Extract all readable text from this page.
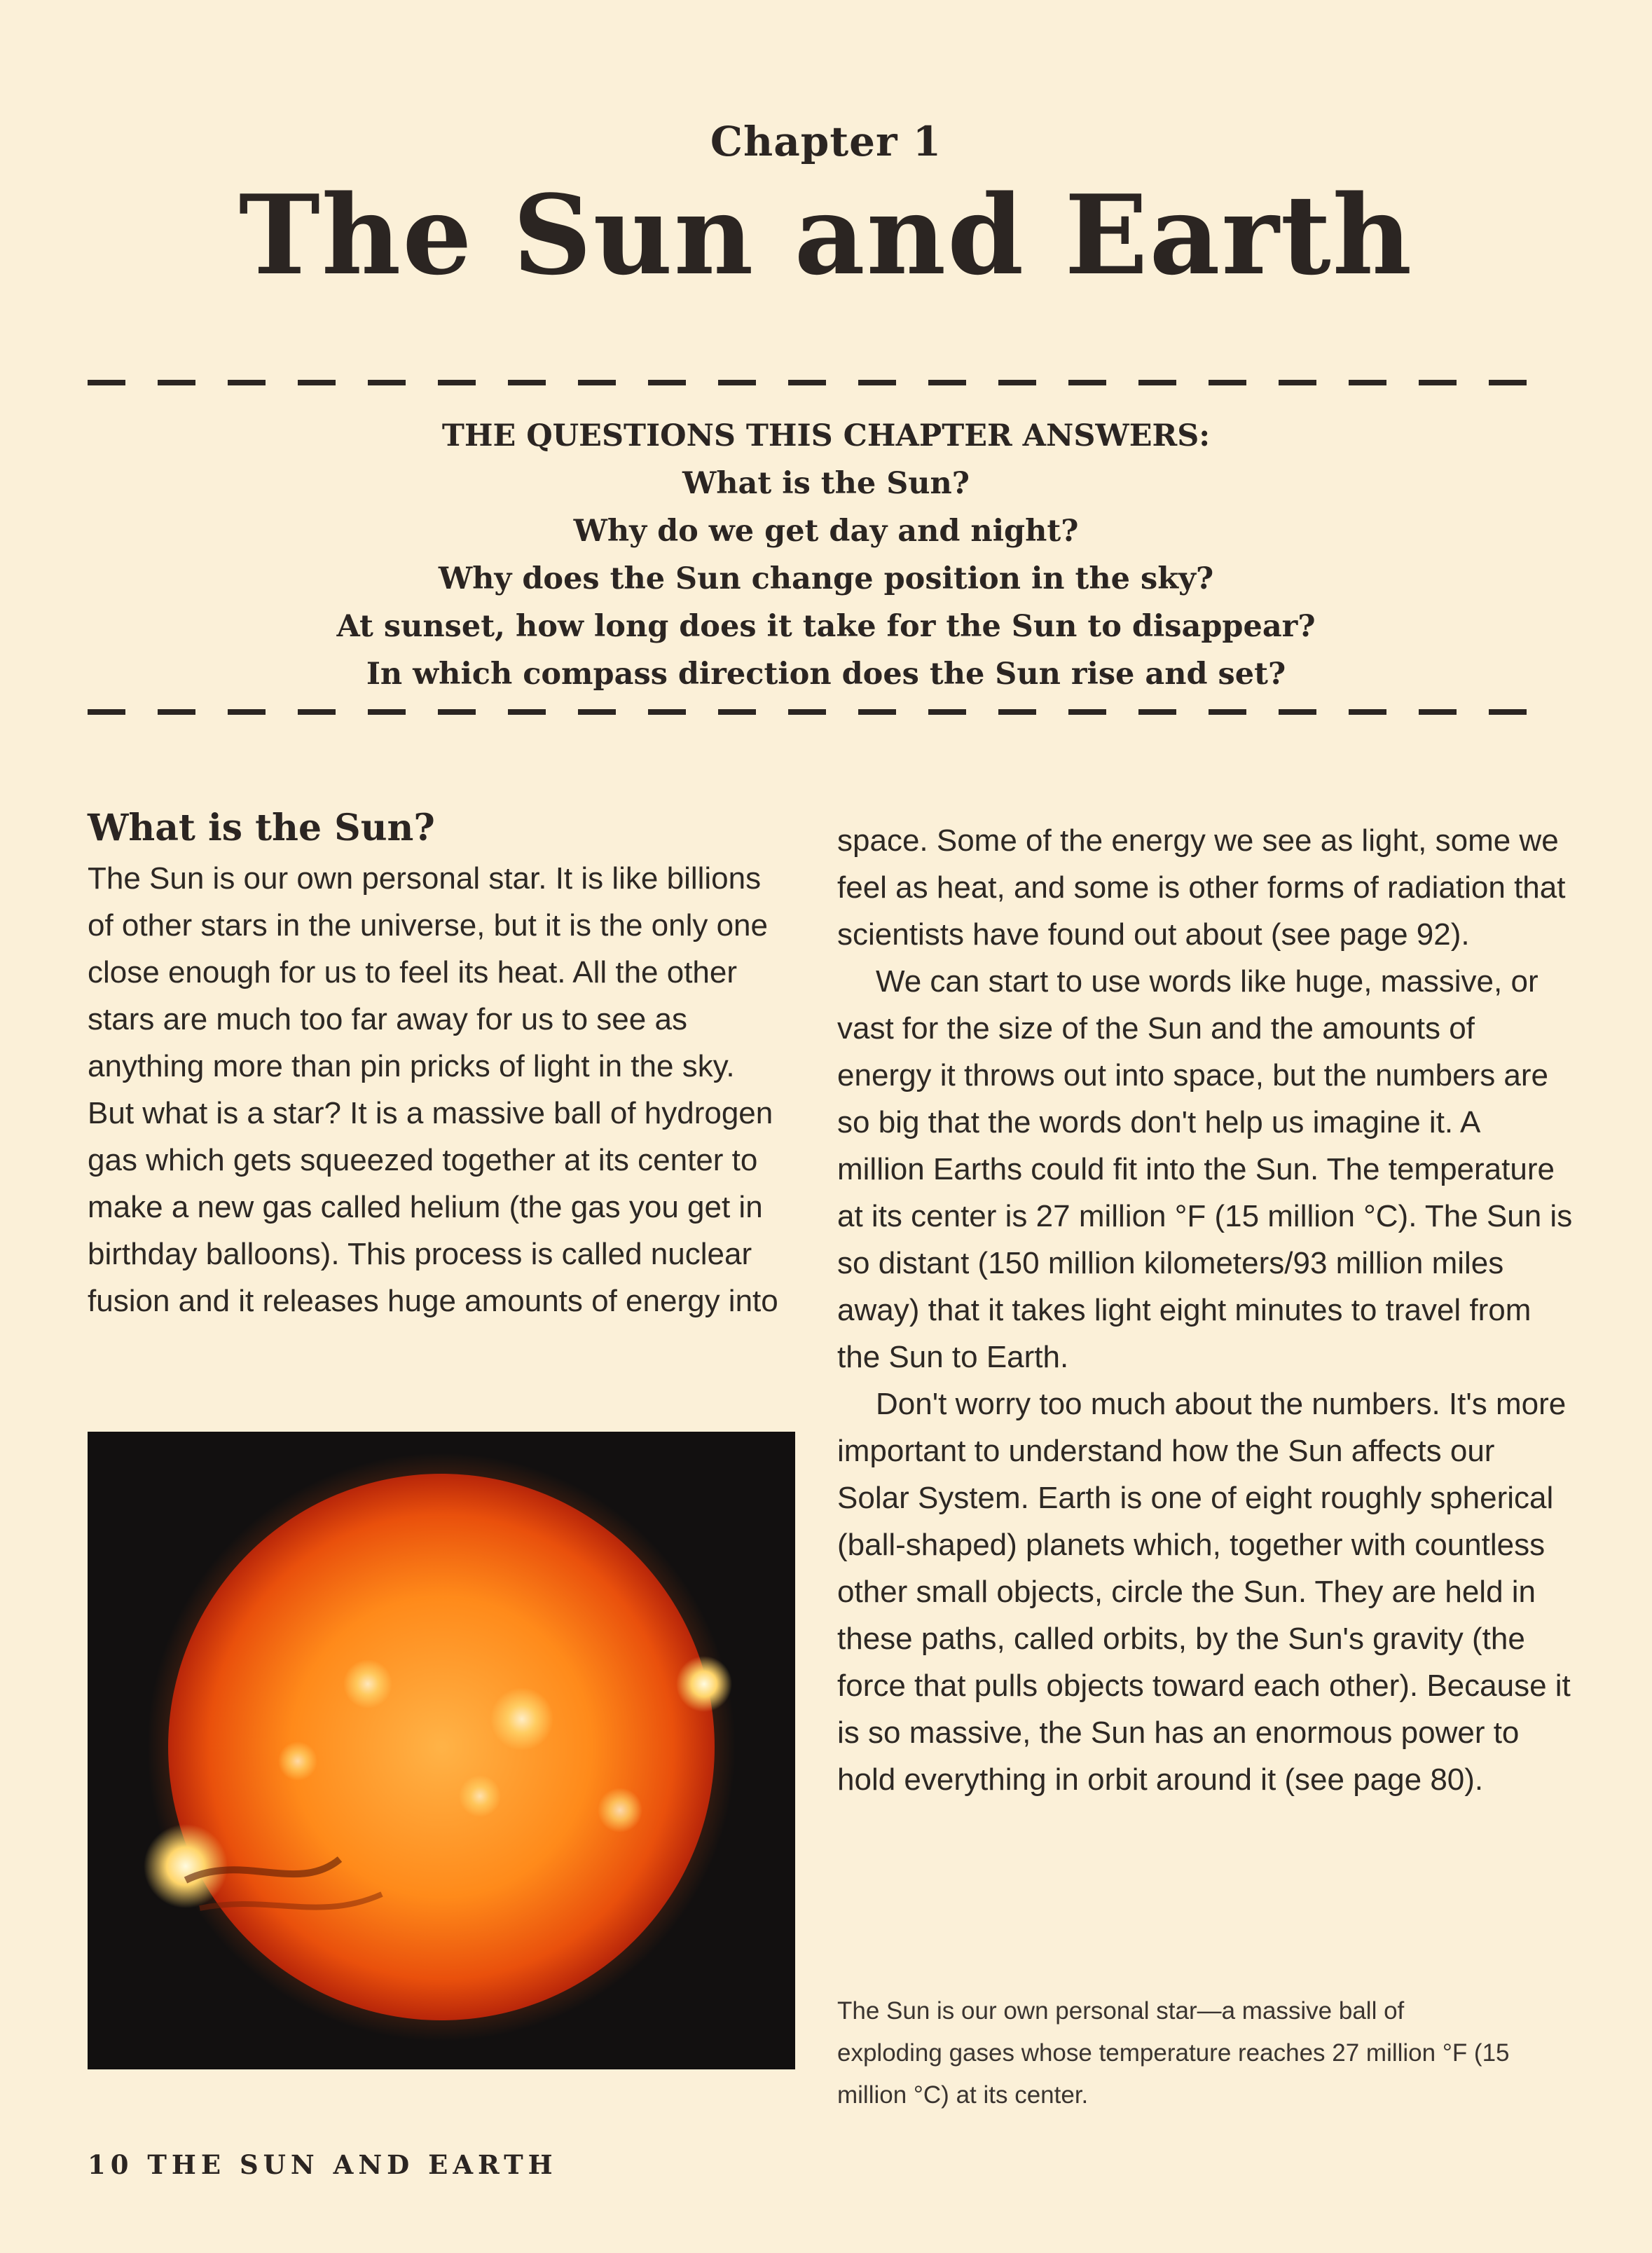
Chapter 1
The Sun and Earth
THE QUESTIONS THIS CHAPTER ANSWERS:
What is the Sun?
Why do we get day and night?
Why does the Sun change position in the sky?
At sunset, how long does it take for the Sun to disappear?
In which compass direction does the Sun rise and set?
What is the Sun?

The Sun is our own personal star. It is like billions of other stars in the universe, but it is the only one close enough for us to feel its heat. All the other stars are much too far away for us to see as anything more than pin pricks of light in the sky. But what is a star? It is a massive ball of hydrogen gas which gets squeezed together at its center to make a new gas called helium (the gas you get in birthday balloons). This process is called nuclear fusion and it releases huge amounts of energy into

space. Some of the energy we see as light, some we feel as heat, and some is other forms of radiation that scientists have found out about (see page 92).

We can start to use words like huge, massive, or vast for the size of the Sun and the amounts of energy it throws out into space, but the numbers are so big that the words don't help us imagine it. A million Earths could fit into the Sun. The temperature at its center is 27 million °F (15 million °C). The Sun is so distant (150 million kilometers/93 million miles away) that it takes light eight minutes to travel from the Sun to Earth.

Don't worry too much about the numbers. It's more important to understand how the Sun affects our Solar System. Earth is one of eight roughly spherical (ball-shaped) planets which, together with countless other small objects, circle the Sun. They are held in these paths, called orbits, by the Sun's gravity (the force that pulls objects toward each other). Because it is so massive, the Sun has an enormous power to hold everything in orbit around it (see page 80).

The Sun is our own personal star—a massive ball of exploding gases whose temperature reaches 27 million °F (15 million °C) at its center.

10 THE SUN AND EARTH
